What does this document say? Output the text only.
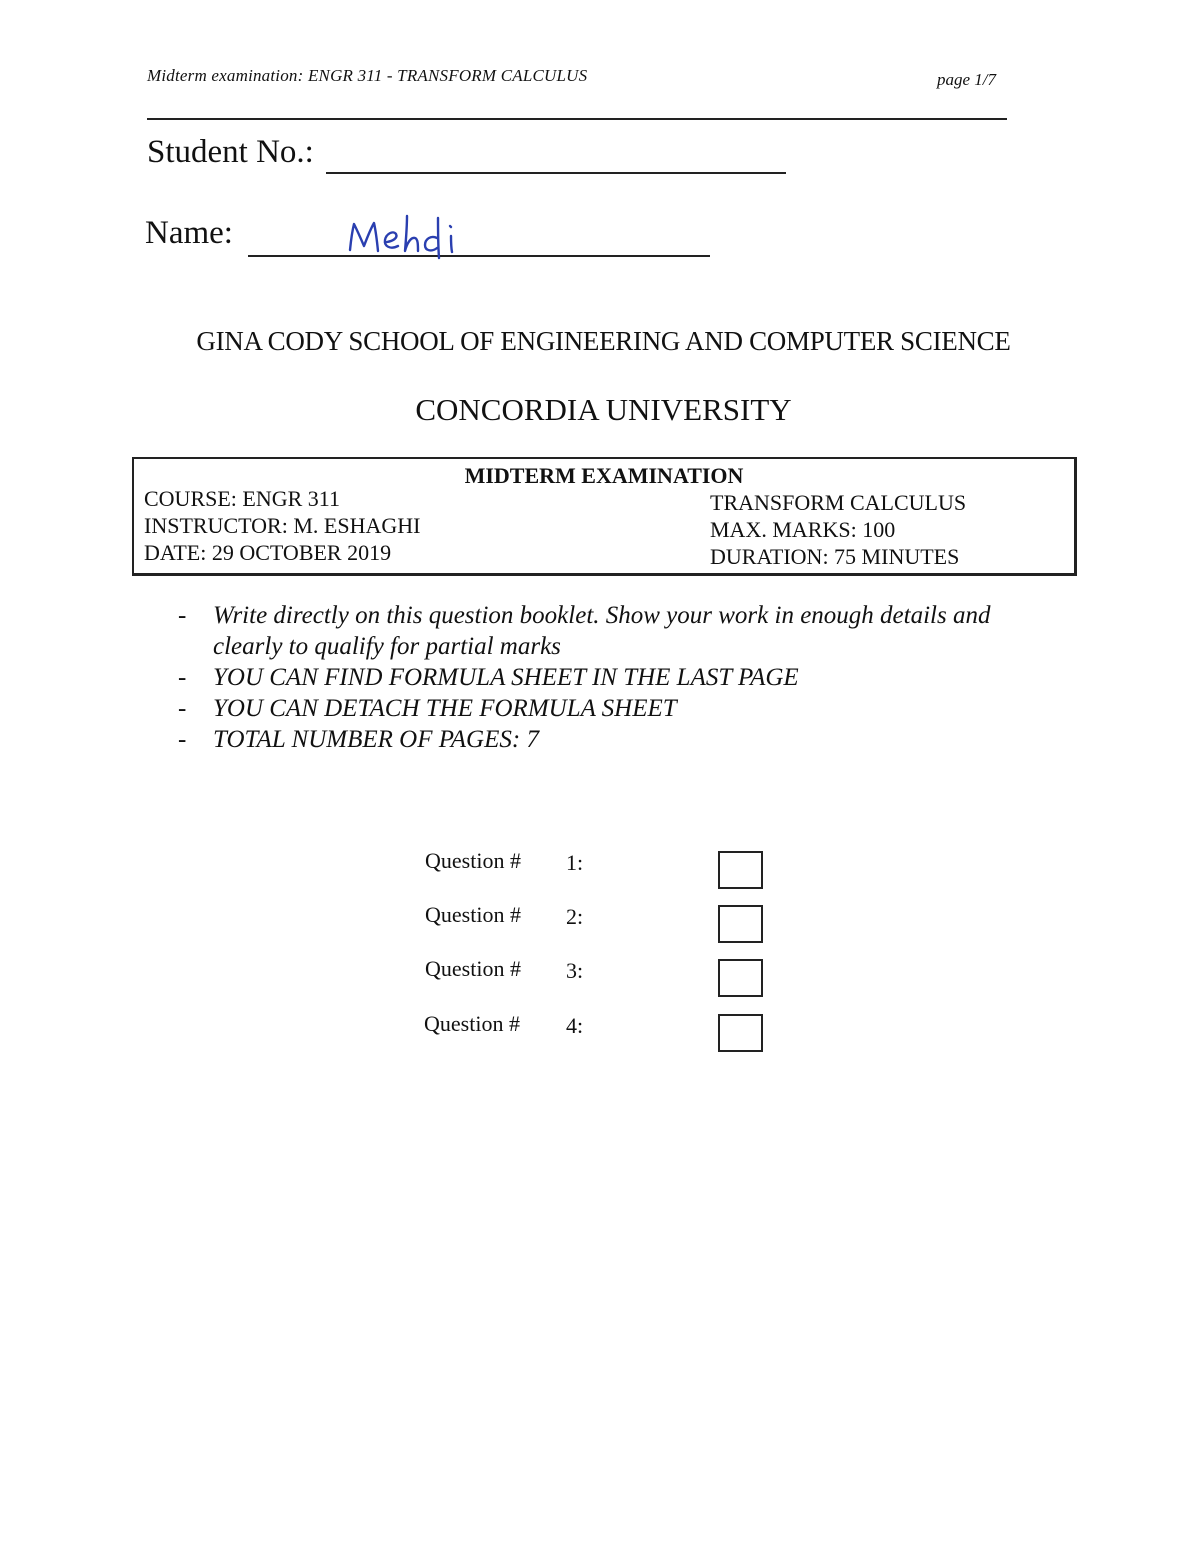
Midterm examination: ENGR 311 - TRANSFORM CALCULUS	page 1/7
Student No.:
Name:
GINA CODY SCHOOL OF ENGINEERING AND COMPUTER SCIENCE
CONCORDIA UNIVERSITY
MIDTERM EXAMINATION
COURSE: ENGR 311
INSTRUCTOR: M. ESHAGHI
DATE: 29 OCTOBER 2019
TRANSFORM CALCULUS
MAX. MARKS: 100
DURATION: 75 MINUTES
- Write directly on this question booklet. Show your work in enough details and clearly to qualify for partial marks
- YOU CAN FIND FORMULA SHEET IN THE LAST PAGE
- YOU CAN DETACH THE FORMULA SHEET
- TOTAL NUMBER OF PAGES: 7
Question # 1:
Question # 2:
Question # 3:
Question # 4:
